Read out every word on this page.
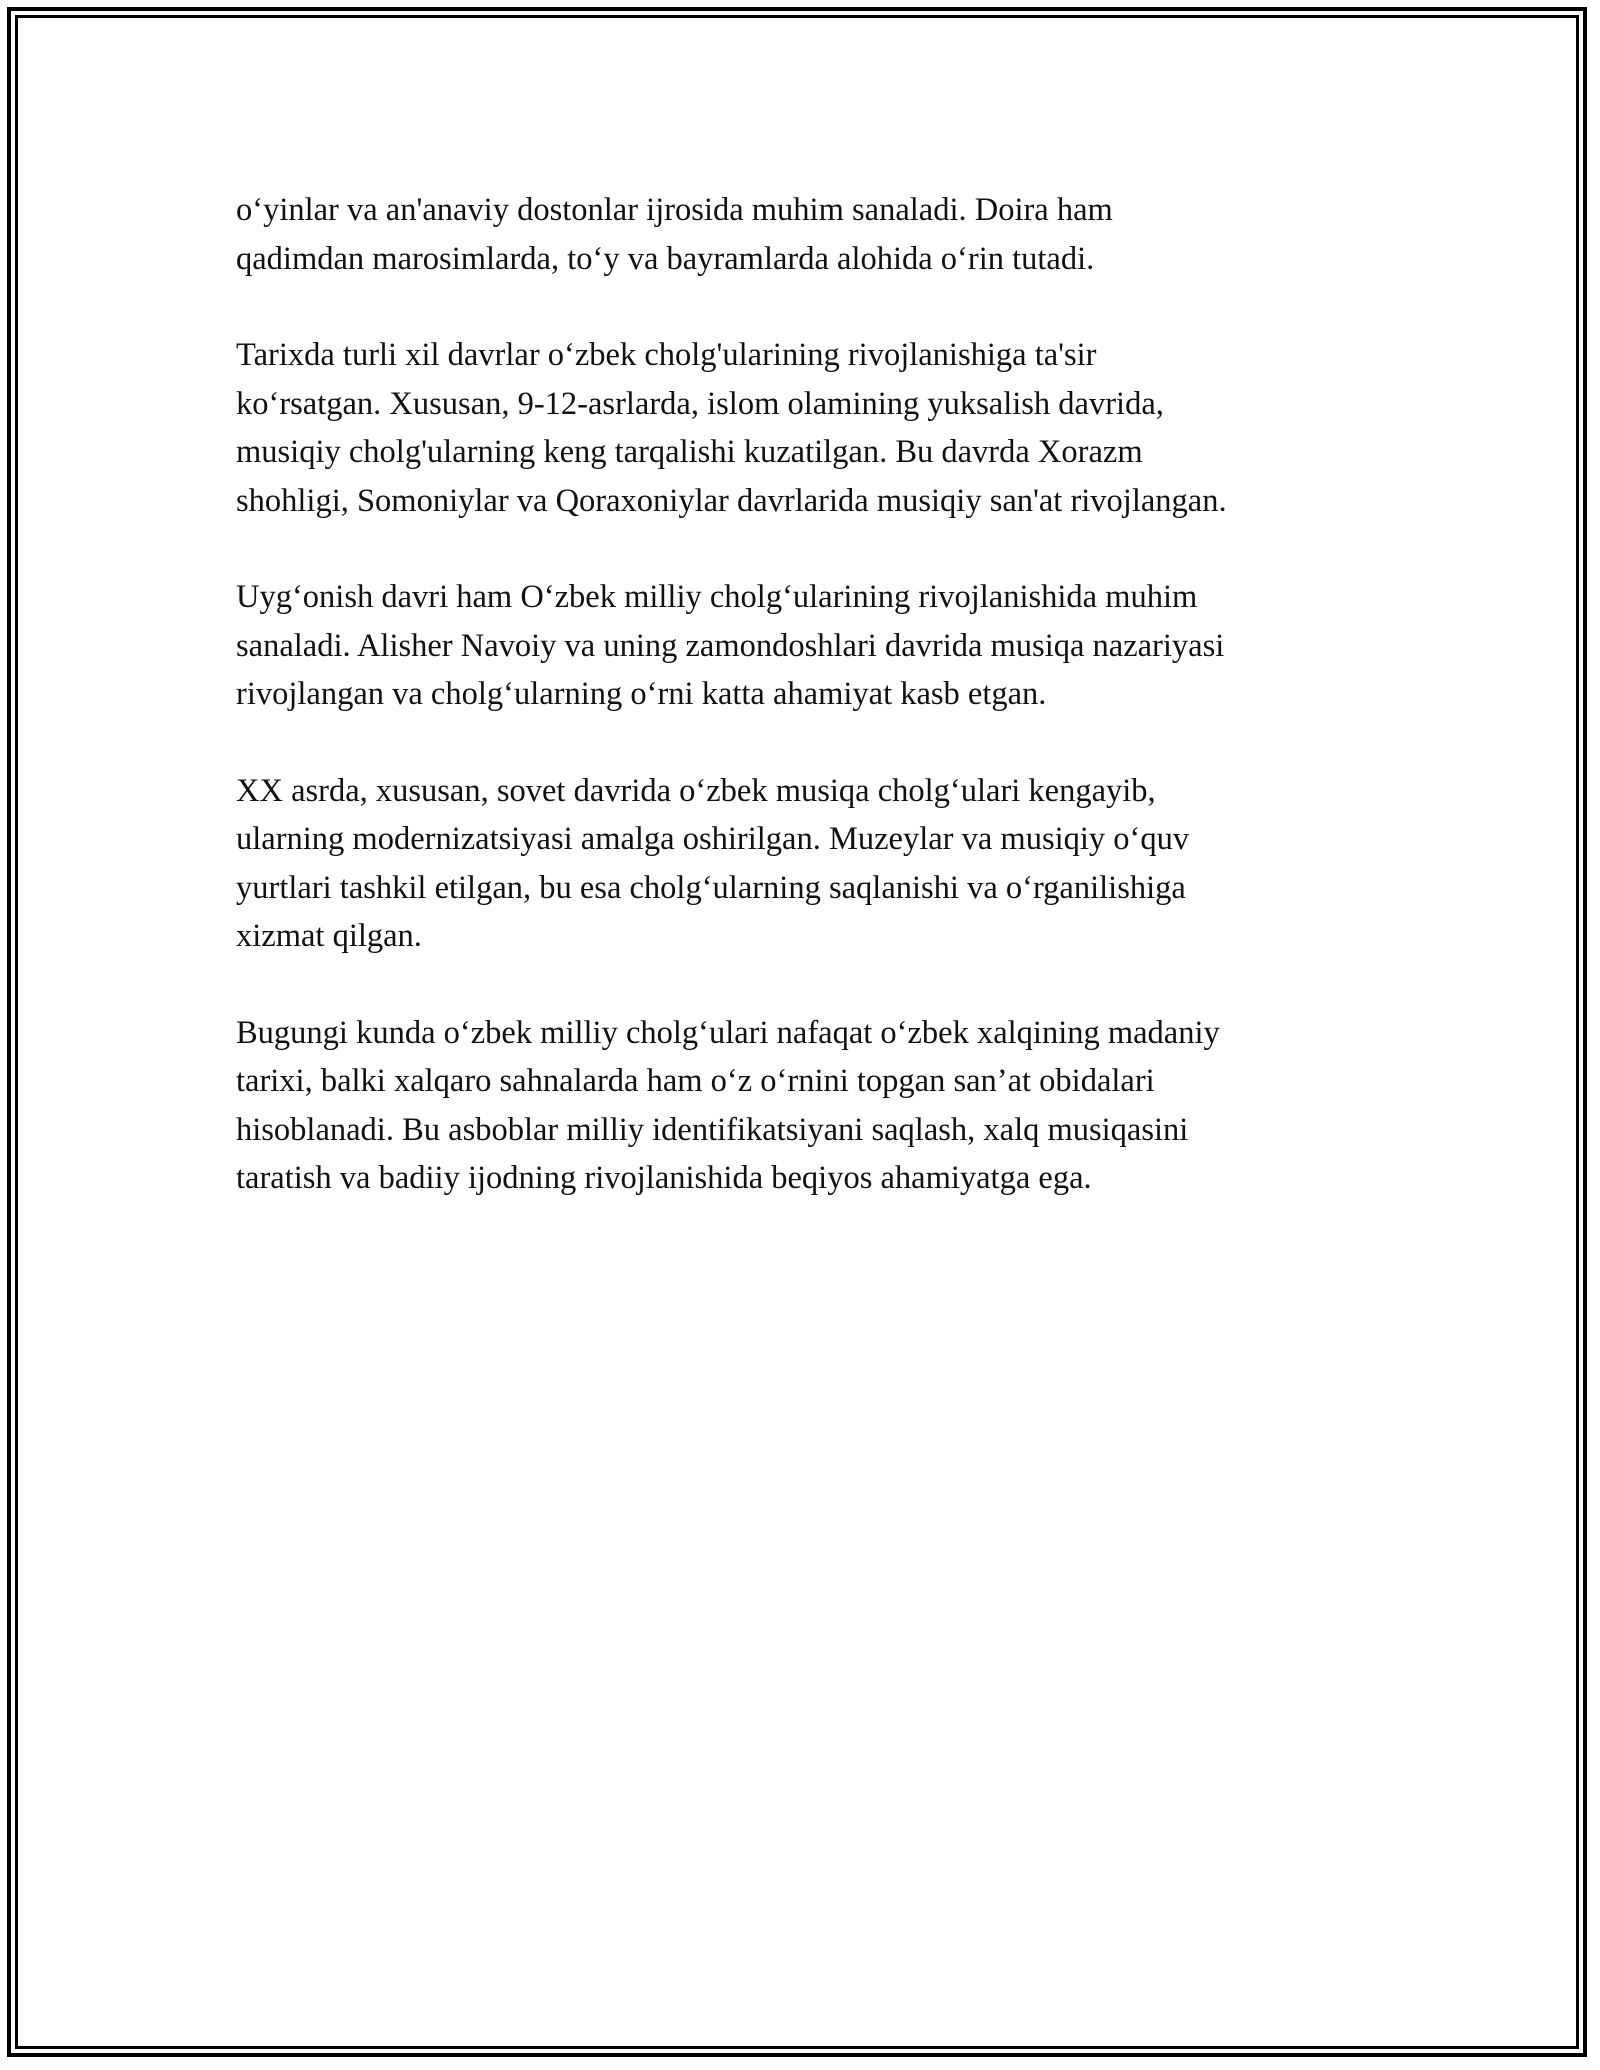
o‘yinlar va an'anaviy dostonlar ijrosida muhim sanaladi. Doira ham
qadimdan marosimlarda, to‘y va bayramlarda alohida o‘rin tutadi.

Tarixda turli xil davrlar o‘zbek cholg'ularining rivojlanishiga ta'sir
ko‘rsatgan. Xususan, 9-12-asrlarda, islom olamining yuksalish davrida,
musiqiy cholg'ularning keng tarqalishi kuzatilgan. Bu davrda Xorazm
shohligi, Somoniylar va Qoraxoniylar davrlarida musiqiy san'at rivojlangan.

Uyg‘onish davri ham O‘zbek milliy cholg‘ularining rivojlanishida muhim
sanaladi. Alisher Navoiy va uning zamondoshlari davrida musiqa nazariyasi
rivojlangan va cholg‘ularning o‘rni katta ahamiyat kasb etgan.

XX asrda, xususan, sovet davrida o‘zbek musiqa cholg‘ulari kengayib,
ularning modernizatsiyasi amalga oshirilgan. Muzeylar va musiqiy o‘quv
yurtlari tashkil etilgan, bu esa cholg‘ularning saqlanishi va o‘rganilishiga
xizmat qilgan.

Bugungi kunda o‘zbek milliy cholg‘ulari nafaqat o‘zbek xalqining madaniy
tarixi, balki xalqaro sahnalarda ham o‘z o‘rnini topgan san’at obidalari
hisoblanadi. Bu asboblar milliy identifikatsiyani saqlash, xalq musiqasini
taratish va badiiy ijodning rivojlanishida beqiyos ahamiyatga ega.
